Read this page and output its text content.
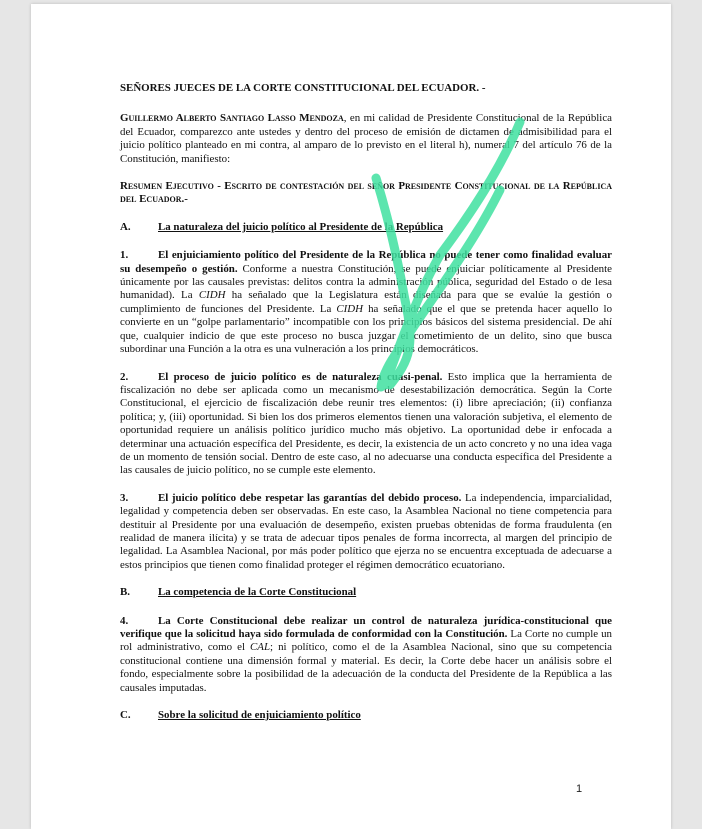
SEÑORES JUECES DE LA CORTE CONSTITUCIONAL DEL ECUADOR. -

Guillermo Alberto Santiago Lasso Mendoza, en mi calidad de Presidente Constitucional de la República del Ecuador, comparezco ante ustedes y dentro del proceso de emisión de dictamen de admisibilidad para el juicio político planteado en mi contra, al amparo de lo previsto en el literal h), numeral 7 del artículo 76 de la Constitución, manifiesto:

Resumen Ejecutivo - Escrito de contestación del señor Presidente Constitucional de la República del Ecuador.-

A.	La naturaleza del juicio político al Presidente de la República

1.	El enjuiciamiento político del Presidente de la República no puede tener como finalidad evaluar su desempeño o gestión. Conforme a nuestra Constitución, se puede enjuiciar políticamente al Presidente únicamente por las causales previstas: delitos contra la administración pública, seguridad del Estado o de lesa humanidad). La CIDH ha señalado que la Legislatura están diseñada para que se evalúe la gestión o cumplimiento de funciones del Presidente. La CIDH ha señalado que el que se pretenda hacer aquello lo convierte en un “golpe parlamentario” incompatible con los principios básicos del sistema presidencial. De ahí que, cualquier indicio de que este proceso no busca juzgar el cometimiento de un delito, sino que busca subordinar una Función a la otra es una vulneración a los principios democráticos.

2.	El proceso de juicio político es de naturaleza cuasi-penal. Esto implica que la herramienta de fiscalización no debe ser aplicada como un mecanismo de desestabilización democrática. Según la Corte Constitucional, el ejercicio de fiscalización debe reunir tres elementos: (i) libre apreciación; (ii) confianza política; y, (iii) oportunidad. Si bien los dos primeros elementos tienen una valoración subjetiva, el elemento de oportunidad requiere un análisis político jurídico mucho más objetivo. La oportunidad debe ir enfocada a determinar una actuación específica del Presidente, es decir, la existencia de un acto concreto y no una idea vaga de un momento de tensión social. Dentro de este caso, al no adecuarse una conducta específica del Presidente a las causales de juicio político, no se cumple este elemento.

3.	El juicio político debe respetar las garantías del debido proceso. La independencia, imparcialidad, legalidad y competencia deben ser observadas. En este caso, la Asamblea Nacional no tiene competencia para destituir al Presidente por una evaluación de desempeño, existen pruebas obtenidas de forma fraudulenta (en realidad de manera ilícita) y se trata de adecuar tipos penales de forma incorrecta, al margen del principio de legalidad. La Asamblea Nacional, por más poder político que ejerza no se encuentra exceptuada de adecuarse a estos principios que tienen como finalidad proteger el régimen democrático ecuatoriano.

B.	La competencia de la Corte Constitucional

4.	La Corte Constitucional debe realizar un control de naturaleza jurídica-constitucional que verifique que la solicitud haya sido formulada de conformidad con la Constitución. La Corte no cumple un rol administrativo, como el CAL; ni político, como el de la Asamblea Nacional, sino que su competencia constitucional contiene una dimensión formal y material. Es decir, la Corte debe hacer un análisis sobre el fondo, especialmente sobre la posibilidad de la adecuación de la conducta del Presidente de la República a las causales imputadas.

C.	Sobre la solicitud de enjuiciamiento político
1
